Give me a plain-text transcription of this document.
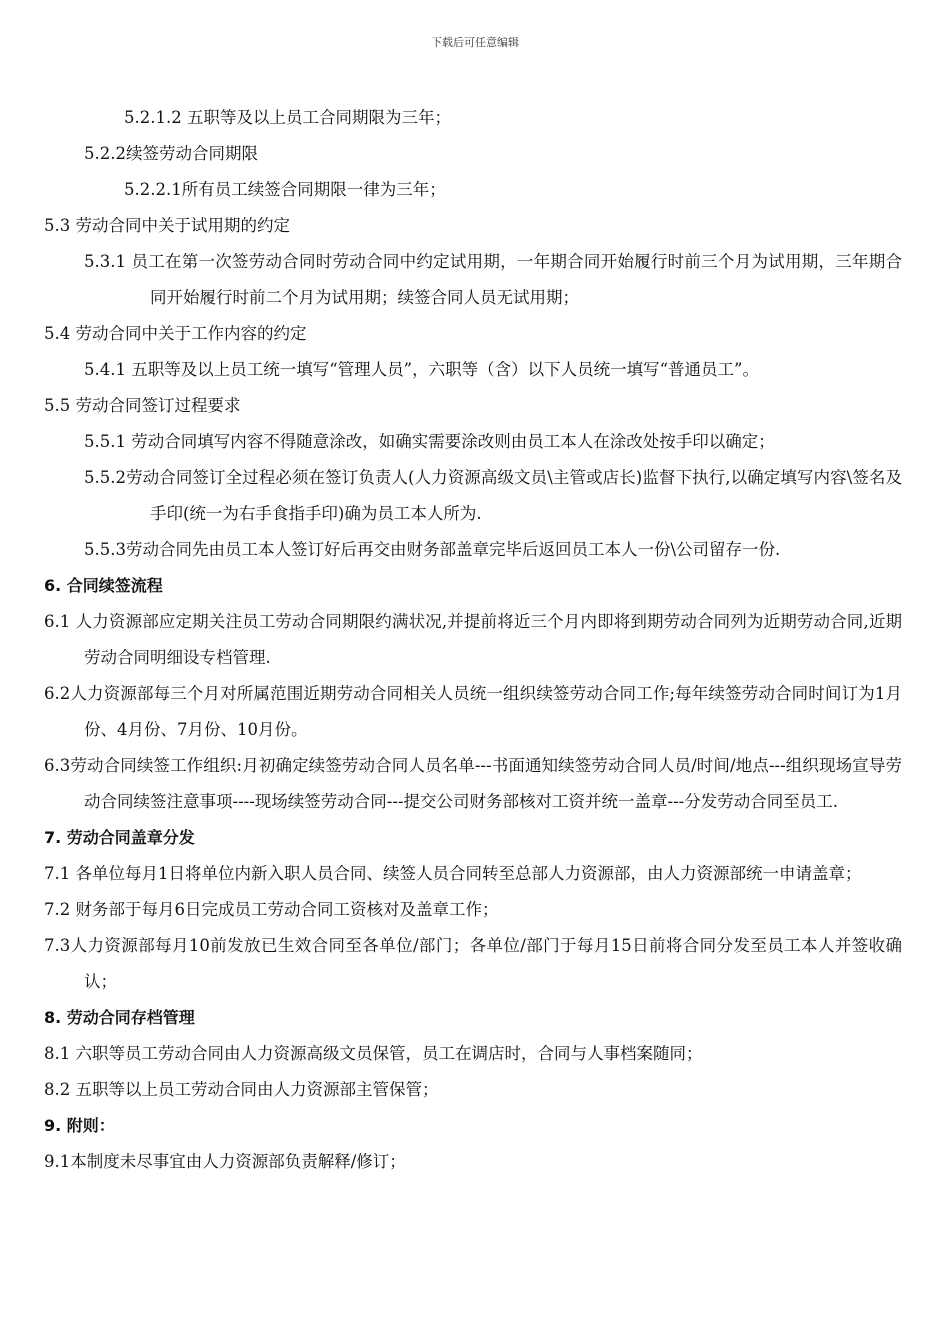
下载后可任意编辑
5.2.1.2 五职等及以上员工合同期限为三年；
5.2.2续签劳动合同期限
5.2.2.1所有员工续签合同期限一律为三年；
5.3 劳动合同中关于试用期的约定
5.3.1 员工在第一次签劳动合同时劳动合同中约定试用期，一年期合同开始履行时前三个月为试用期，三年期合同开始履行时前二个月为试用期；续签合同人员无试用期；
5.4 劳动合同中关于工作内容的约定
5.4.1 五职等及以上员工统一填写“管理人员”，六职等（含）以下人员统一填写“普通员工”。
5.5 劳动合同签订过程要求
5.5.1 劳动合同填写内容不得随意涂改，如确实需要涂改则由员工本人在涂改处按手印以确定；
5.5.2劳动合同签订全过程必须在签订负责人(人力资源高级文员\主管或店长)监督下执行,以确定填写内容\签名及手印(统一为右手食指手印)确为员工本人所为.
5.5.3劳动合同先由员工本人签订好后再交由财务部盖章完毕后返回员工本人一份\公司留存一份.
6. 合同续签流程
6.1 人力资源部应定期关注员工劳动合同期限约满状况,并提前将近三个月内即将到期劳动合同列为近期劳动合同,近期劳动合同明细设专档管理.
6.2人力资源部每三个月对所属范围近期劳动合同相关人员统一组织续签劳动合同工作;每年续签劳动合同时间订为1月份、4月份、7月份、10月份。
6.3劳动合同续签工作组织:月初确定续签劳动合同人员名单---书面通知续签劳动合同人员/时间/地点---组织现场宣导劳动合同续签注意事项----现场续签劳动合同---提交公司财务部核对工资并统一盖章---分发劳动合同至员工.
7. 劳动合同盖章分发
7.1 各单位每月1日将单位内新入职人员合同、续签人员合同转至总部人力资源部，由人力资源部统一申请盖章；
7.2 财务部于每月6日完成员工劳动合同工资核对及盖章工作；
7.3人力资源部每月10前发放已生效合同至各单位/部门；各单位/部门于每月15日前将合同分发至员工本人并签收确认；
8. 劳动合同存档管理
8.1 六职等员工劳动合同由人力资源高级文员保管，员工在调店时，合同与人事档案随同；
8.2 五职等以上员工劳动合同由人力资源部主管保管；
9. 附则：
9.1本制度未尽事宜由人力资源部负责解释/修订；
